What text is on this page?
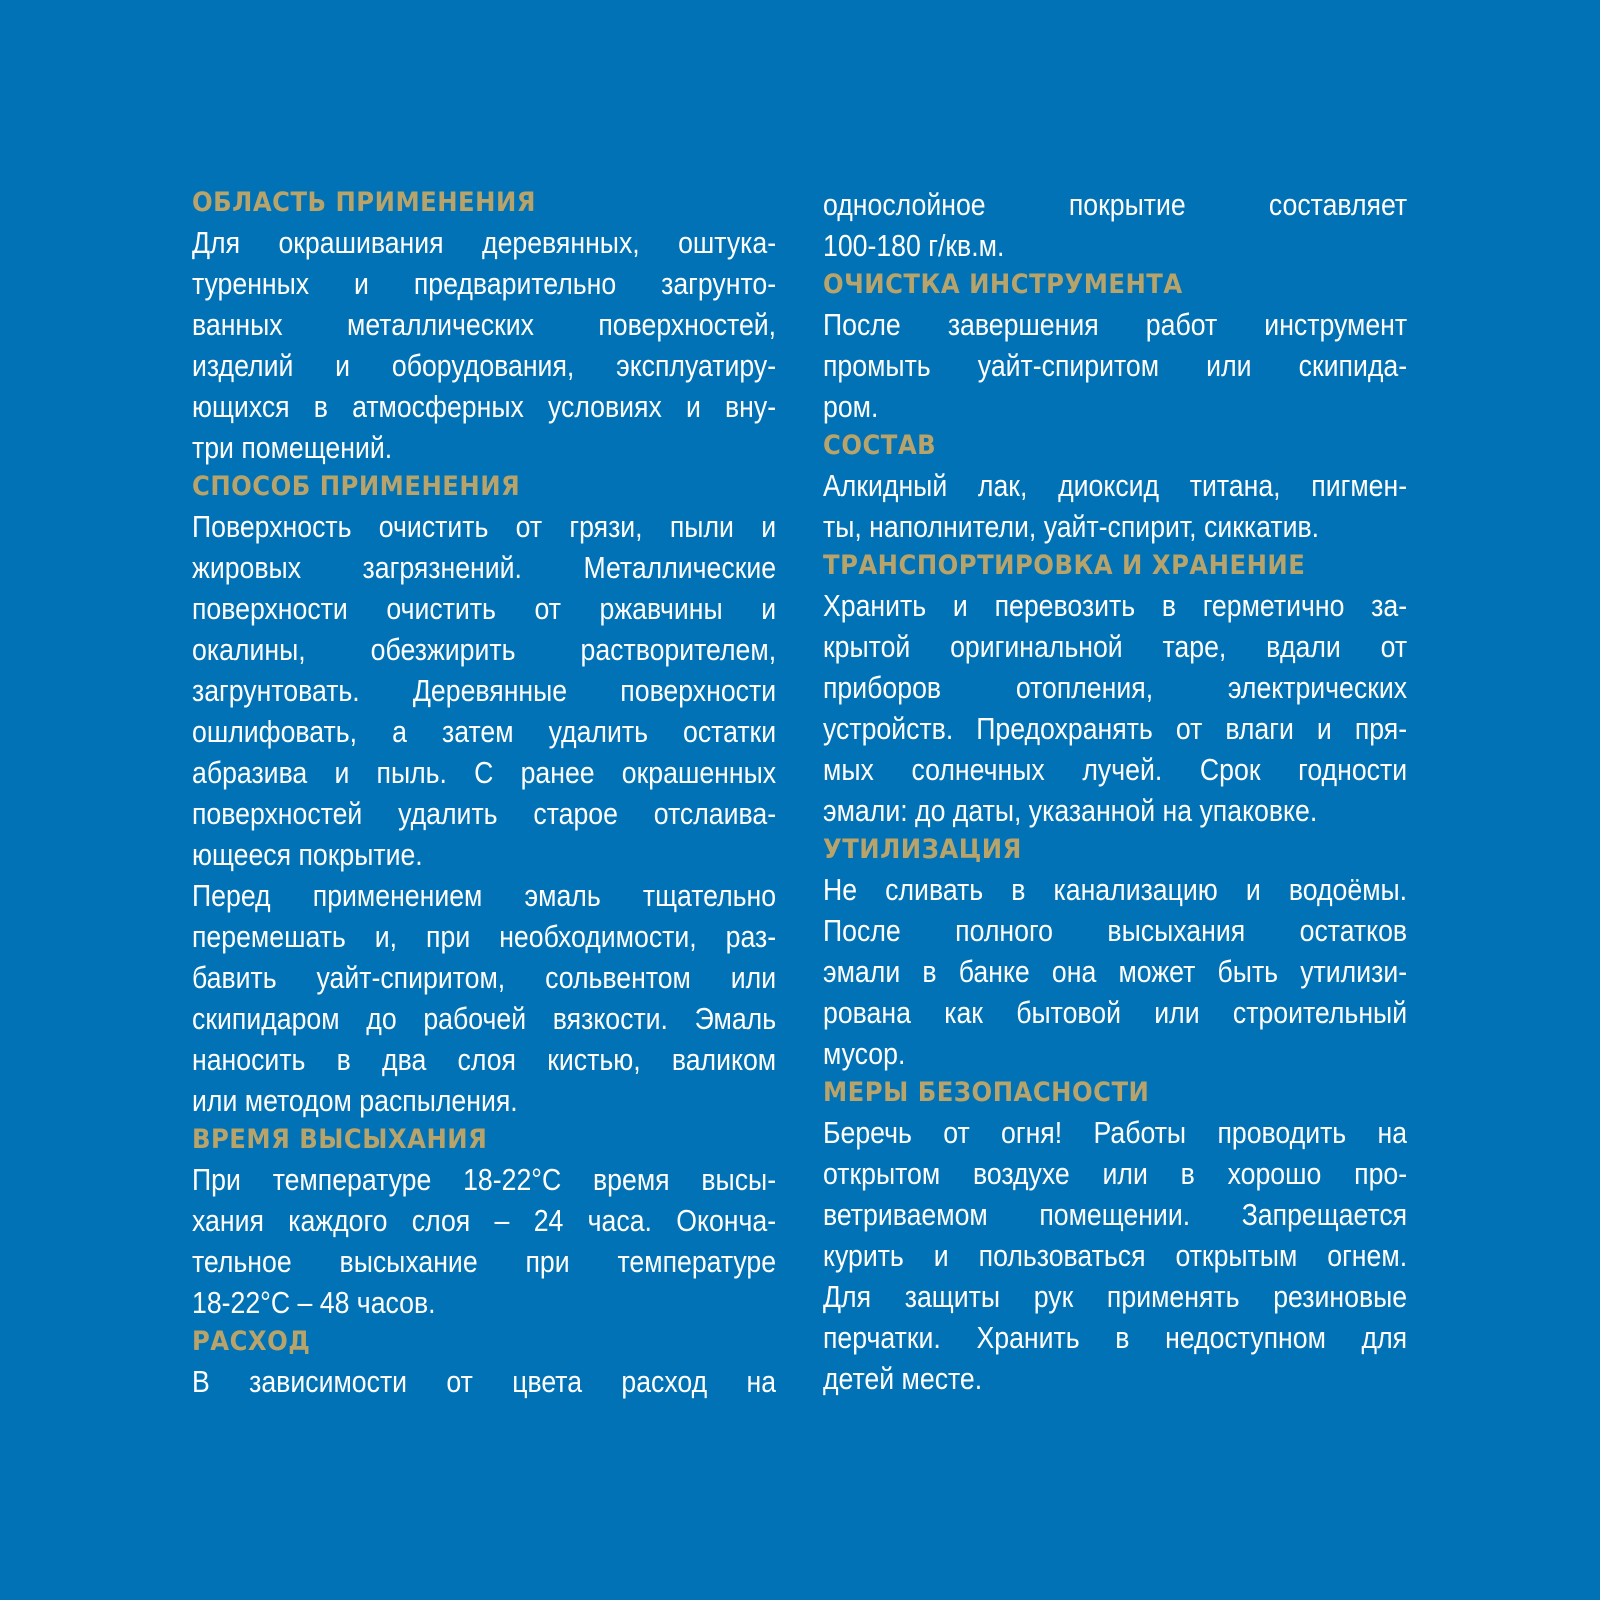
ОБЛАСТЬ ПРИМЕНЕНИЯ
Для окрашивания деревянных, оштука-
туренных и предварительно загрунто-
ванных металлических поверхностей,
изделий и оборудования, эксплуатиру-
ющихся в атмосферных условиях и вну-
три помещений.
СПОСОБ ПРИМЕНЕНИЯ
Поверхность очистить от грязи, пыли и
жировых загрязнений. Металлические
поверхности очистить от ржавчины и
окалины, обезжирить растворителем,
загрунтовать. Деревянные поверхности
ошлифовать, а затем удалить остатки
абразива и пыль. С ранее окрашенных
поверхностей удалить старое отслаива-
ющееся покрытие.
Перед применением эмаль тщательно
перемешать и, при необходимости, раз-
бавить уайт-спиритом, сольвентом или
скипидаром до рабочей вязкости. Эмаль
наносить в два слоя кистью, валиком
или методом распыления.
ВРЕМЯ ВЫСЫХАНИЯ
При температуре 18-22°С время высы-
хания каждого слоя – 24 часа. Оконча-
тельное высыхание при температуре
18-22°С – 48 часов.
РАСХОД
В зависимости от цвета расход на
однослойное покрытие составляет
100-180 г/кв.м.
ОЧИСТКА ИНСТРУМЕНТА
После завершения работ инструмент
промыть уайт-спиритом или скипида-
ром.
СОСТАВ
Алкидный лак, диоксид титана, пигмен-
ты, наполнители, уайт-спирит, сиккатив.
ТРАНСПОРТИРОВКА И ХРАНЕНИЕ
Хранить и перевозить в герметично за-
крытой оригинальной таре, вдали от
приборов отопления, электрических
устройств. Предохранять от влаги и пря-
мых солнечных лучей. Срок годности
эмали: до даты, указанной на упаковке.
УТИЛИЗАЦИЯ
Не сливать в канализацию и водоёмы.
После полного высыхания остатков
эмали в банке она может быть утилизи-
рована как бытовой или строительный
мусор.
МЕРЫ БЕЗОПАСНОСТИ
Беречь от огня! Работы проводить на
открытом воздухе или в хорошо про-
ветриваемом помещении. Запрещается
курить и пользоваться открытым огнем.
Для защиты рук применять резиновые
перчатки. Хранить в недоступном для
детей месте.
